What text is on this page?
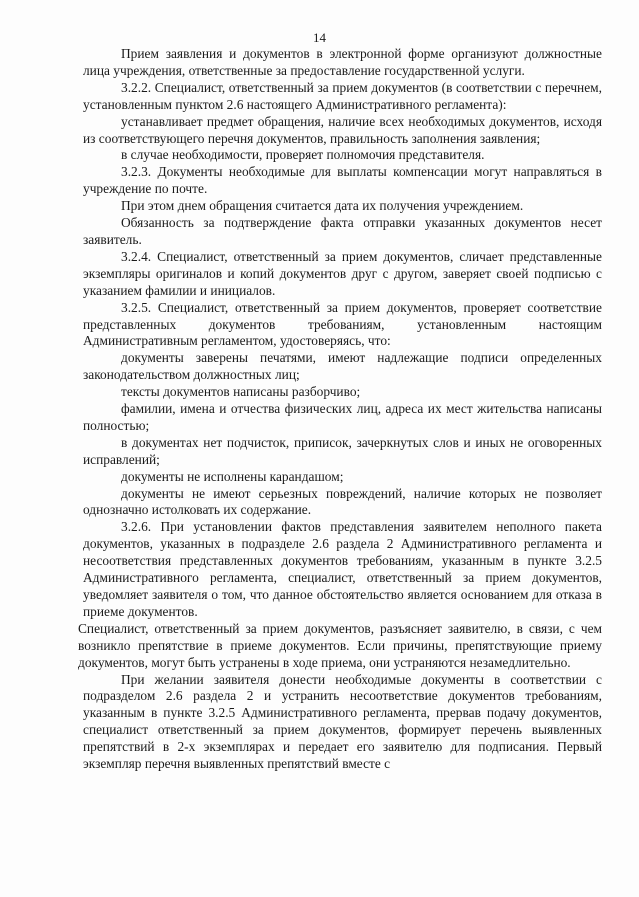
14

Прием заявления и документов в электронной форме организуют должностные лица учреждения, ответственные за предоставление государственной услуги.

3.2.2. Специалист, ответственный за прием документов (в соответствии с перечнем, установленным пунктом 2.6 настоящего Административного регламента):

устанавливает предмет обращения, наличие всех необходимых документов, исходя из соответствующего перечня документов, правильность заполнения заявления;

в случае необходимости, проверяет полномочия представителя.

3.2.3. Документы необходимые для выплаты компенсации могут направляться в учреждение по почте.

При этом днем обращения считается дата их получения учреждением.

Обязанность за подтверждение факта отправки указанных документов несет заявитель.

3.2.4. Специалист, ответственный за прием документов, сличает представленные экземпляры оригиналов и копий документов друг с другом, заверяет своей подписью с указанием фамилии и инициалов.

3.2.5. Специалист, ответственный за прием документов, проверяет соответствие представленных документов требованиям, установленным настоящим Административным регламентом, удостоверяясь, что:

документы заверены печатями, имеют надлежащие подписи определенных законодательством должностных лиц;

тексты документов написаны разборчиво;

фамилии, имена и отчества физических лиц, адреса их мест жительства написаны полностью;

в документах нет подчисток, приписок, зачеркнутых слов и иных не оговоренных исправлений;

документы не исполнены карандашом;

документы не имеют серьезных повреждений, наличие которых не позволяет однозначно истолковать их содержание.

3.2.6. При установлении фактов представления заявителем неполного пакета документов, указанных в подразделе 2.6 раздела 2 Административного регламента и несоответствия представленных документов требованиям, указанным в пункте 3.2.5 Административного регламента, специалист, ответственный за прием документов, уведомляет заявителя о том, что данное обстоятельство является основанием для отказа в приеме документов.

Специалист, ответственный за прием документов, разъясняет заявителю, в связи, с чем возникло препятствие в приеме документов. Если причины, препятствующие приему документов, могут быть устранены в ходе приема, они устраняются незамедлительно.

При желании заявителя донести необходимые документы в соответствии с подразделом 2.6 раздела 2 и устранить несоответствие документов требованиям, указанным в пункте 3.2.5 Административного регламента, прервав подачу документов, специалист ответственный за прием документов, формирует перечень выявленных препятствий в 2-х экземплярах и передает его заявителю для подписания. Первый экземпляр перечня выявленных препятствий вместе с
